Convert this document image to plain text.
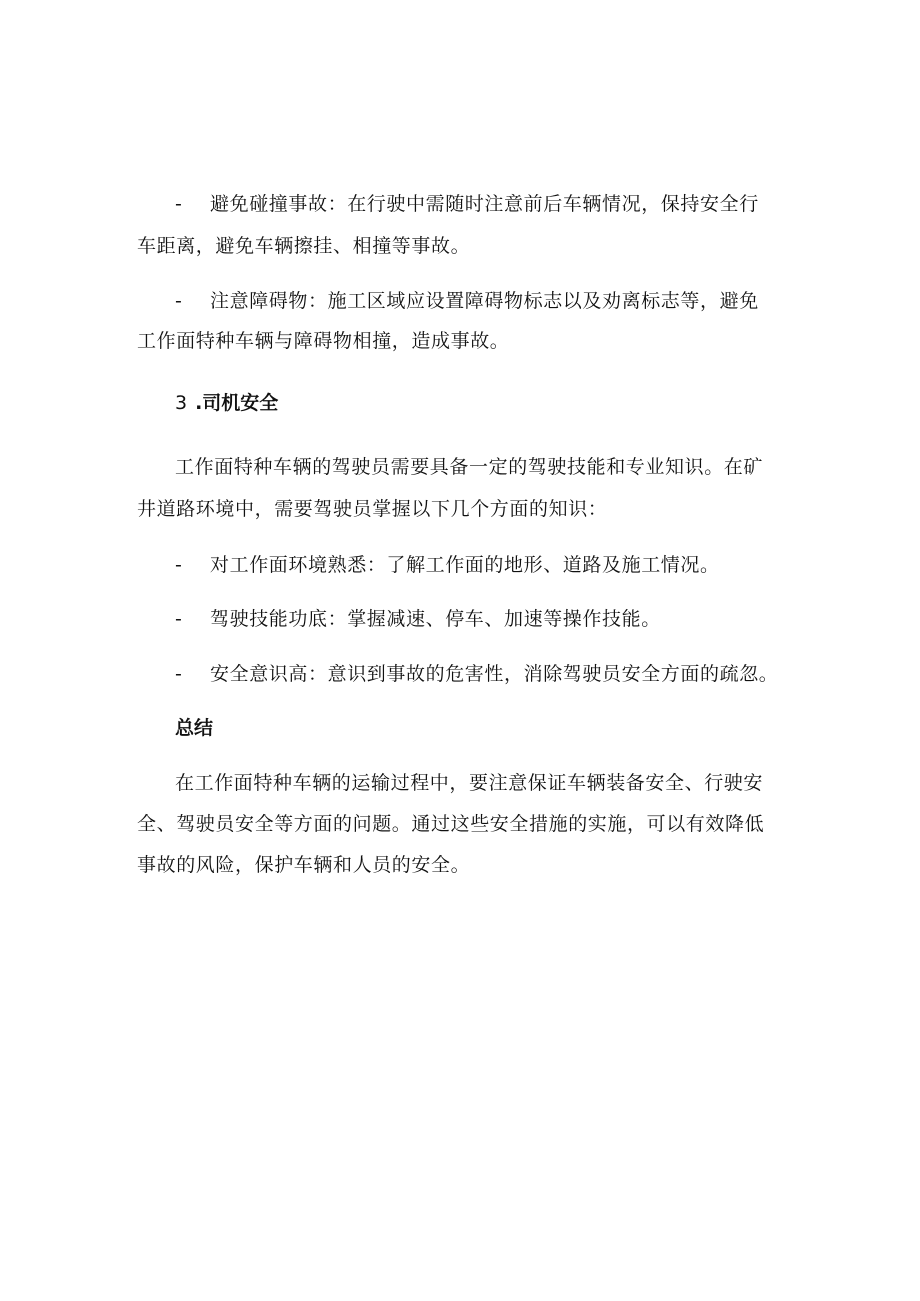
- 避免碰撞事故：在行驶中需随时注意前后车辆情况，保持安全行
车距离，避免车辆擦挂、相撞等事故。
- 注意障碍物：施工区域应设置障碍物标志以及劝离标志等，避免
工作面特种车辆与障碍物相撞，造成事故。
3 .司机安全
工作面特种车辆的驾驶员需要具备一定的驾驶技能和专业知识。在矿
井道路环境中，需要驾驶员掌握以下几个方面的知识：
- 对工作面环境熟悉：了解工作面的地形、道路及施工情况。
- 驾驶技能功底：掌握减速、停车、加速等操作技能。
- 安全意识高：意识到事故的危害性，消除驾驶员安全方面的疏忽。
总结
在工作面特种车辆的运输过程中，要注意保证车辆装备安全、行驶安
全、驾驶员安全等方面的问题。通过这些安全措施的实施，可以有效降低
事故的风险，保护车辆和人员的安全。
